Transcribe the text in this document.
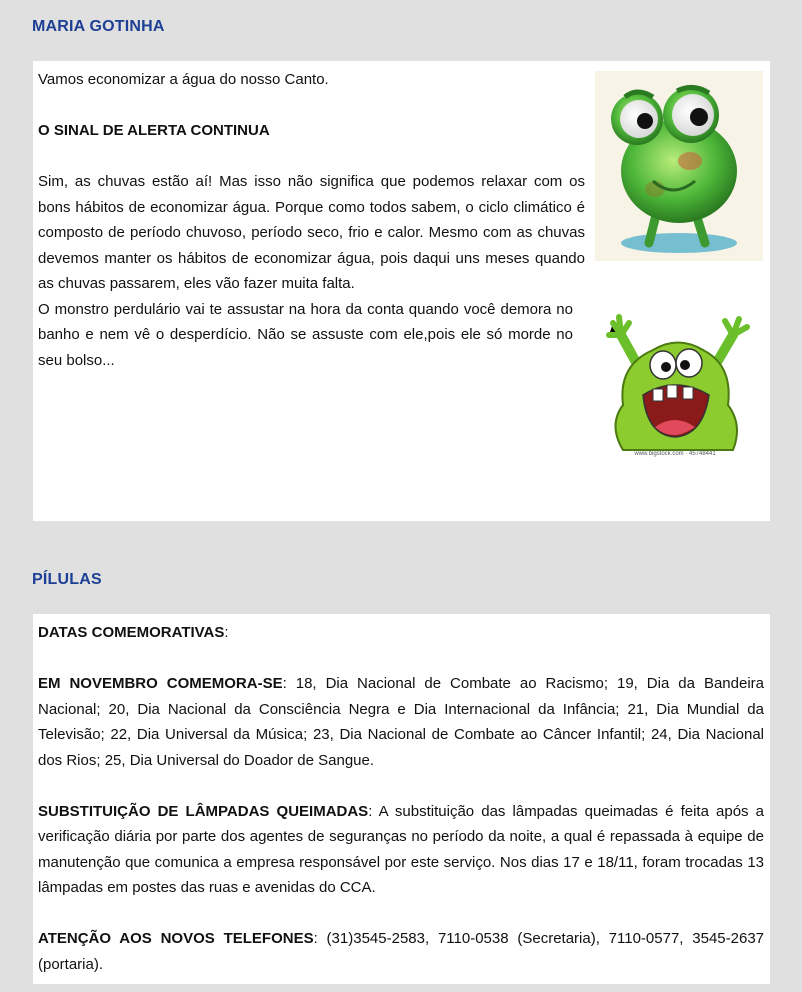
MARIA GOTINHA

Vamos economizar a água do nosso Canto.

O SINAL DE ALERTA CONTINUA

Sim, as chuvas estão aí! Mas isso não significa que podemos relaxar com os bons hábitos de economizar água. Porque como todos sabem, o ciclo climático é composto de período chuvoso, período seco, frio e calor. Mesmo com as chuvas devemos manter os hábitos de economizar água, pois daqui uns meses quando as chuvas passarem, eles vão fazer muita falta.

www.bigstock.com · 45748441

O monstro perdulário vai te assustar na hora da conta quando você demora no banho e nem vê o desperdício. Não se assuste com ele,pois ele só morde no seu bolso...

PÍLULAS

DATAS COMEMORATIVAS:

EM NOVEMBRO COMEMORA-SE: 18, Dia Nacional de Combate ao Racismo; 19, Dia da Bandeira Nacional; 20, Dia Nacional da Consciência Negra e Dia Internacional da Infância; 21, Dia Mundial da Televisão; 22, Dia Universal da Música; 23, Dia Nacional de Combate ao Câncer Infantil; 24, Dia Nacional dos Rios; 25, Dia Universal do Doador de Sangue.

SUBSTITUIÇÃO DE LÂMPADAS QUEIMADAS: A substituição das lâmpadas queimadas é feita após a verificação diária por parte dos agentes de seguranças no período da noite, a qual é repassada à equipe de manutenção que comunica a empresa responsável por este serviço. Nos dias 17 e 18/11, foram trocadas 13 lâmpadas em postes das ruas e avenidas do CCA.

ATENÇÃO AOS NOVOS TELEFONES: (31)3545-2583, 7110-0538 (Secretaria), 7110-0577, 3545-2637 (portaria).
